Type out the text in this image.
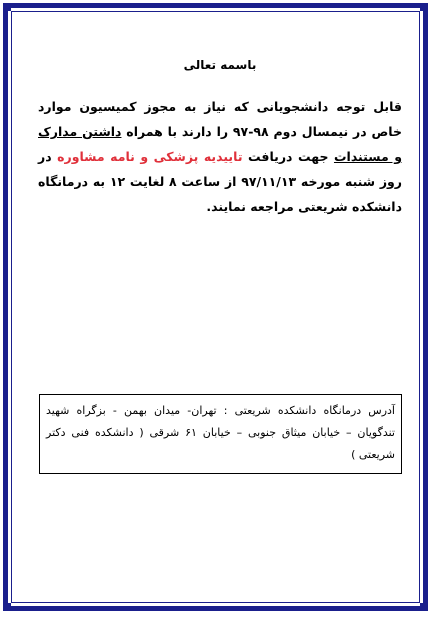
باسمه تعالی
قابل توجه دانشجویانی که نیاز به مجوز کمیسیون موارد خاص در نیمسال دوم ۹۸-۹۷ را دارند با همراه داشتن مدارک و مستندات جهت دریافت تاییدیه پزشکی و نامه مشاوره در روز شنبه مورخه ۹۷/۱۱/۱۳ از ساعت ۸ لغایت ۱۲ به درمانگاه دانشکده شریعتی مراجعه نمایند.
آدرس درمانگاه دانشکده شریعتی : تهران- میدان بهمن - بزگراه شهید تندگویان – خیابان میثاق جنوبی – خیابان ۶۱ شرقی ( دانشکده فنی دکتر شریعتی )
